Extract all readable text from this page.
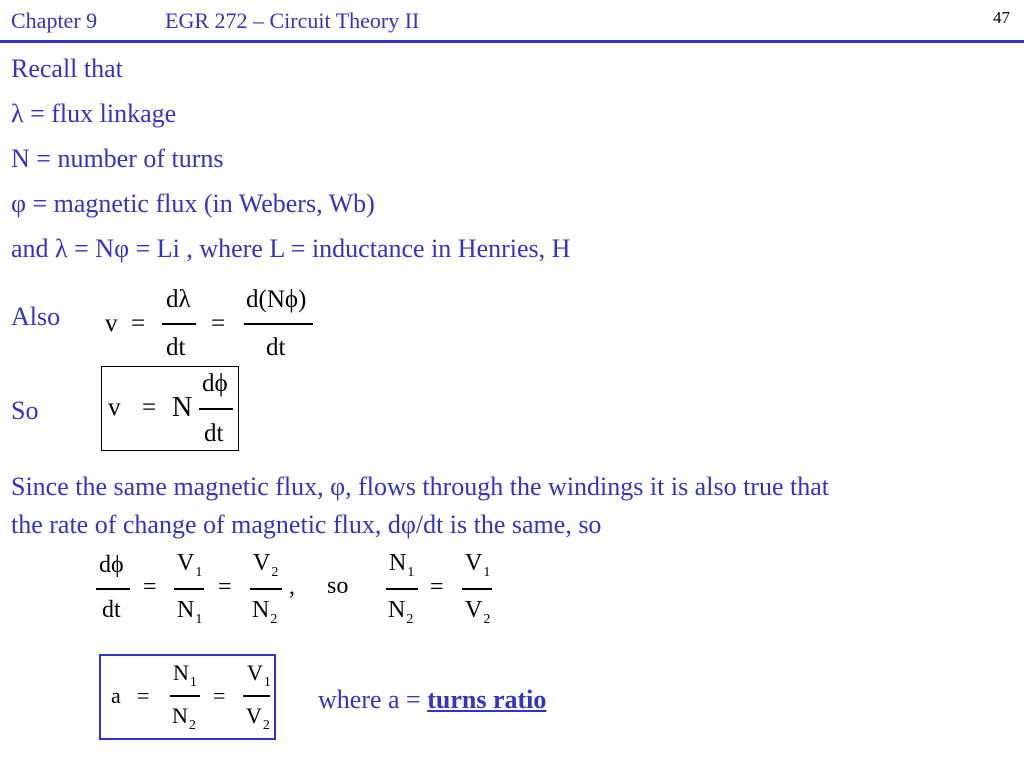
Chapter 9	EGR 272 – Circuit Theory II	47
Recall that
λ = flux linkage
N = number of turns
φ = magnetic flux (in Webers, Wb)
and λ = Nφ = Li , where L = inductance in Henries, H
Also v =
dλ
dt
=
d(Nϕ)
dt
So	v = N
dϕ
dt
Since the same magnetic flux, φ, flows through the windings it is also true that
the rate of change of magnetic flux, dφ/dt is the same, so
dϕ
dt
=
$V_1$
$N_1$
=
$V_2$
$N_2$
, so
$N_1$
$N_2$
=
$V_1$
$V_2$
a =
$N_1$
$N_2$
=
$V_1$
$V_2$
where a = turns ratio
